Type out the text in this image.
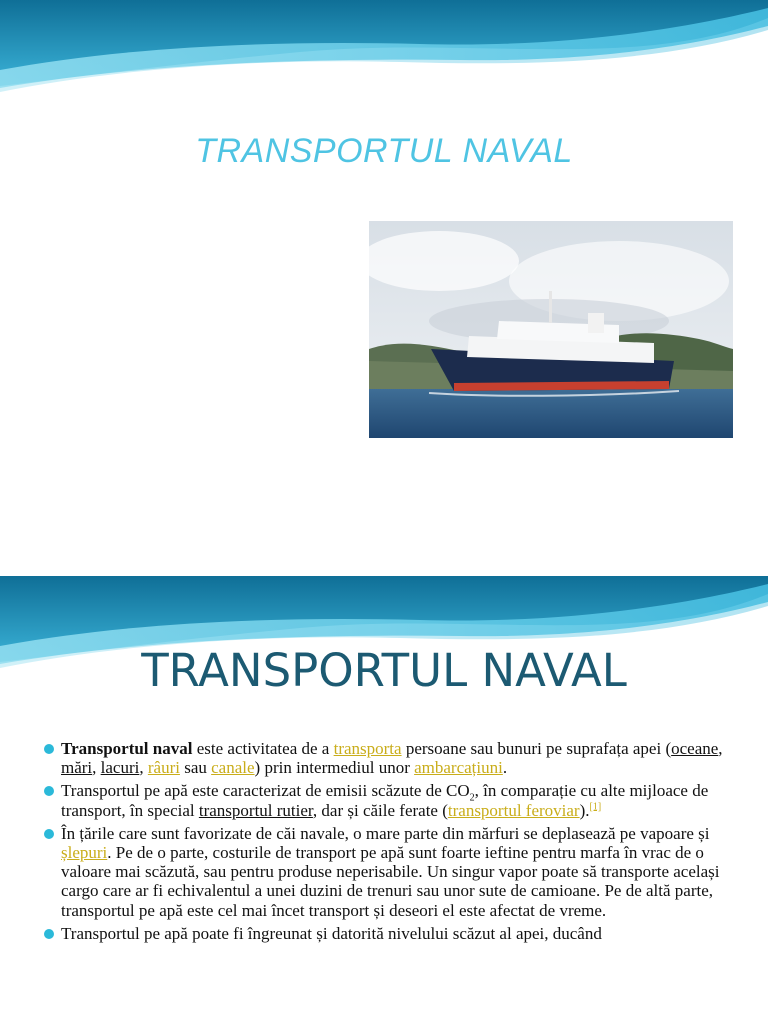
TRANSPORTUL NAVAL
TRANSPORTUL NAVAL
Transportul naval este activitatea de a transporta persoane sau bunuri pe suprafața apei (oceane, mări, lacuri, râuri sau canale) prin intermediul unor ambarcațiuni.
Transportul pe apă este caracterizat de emisii scăzute de $CO_2$, în comparație cu alte mijloace de transport, în special transportul rutier, dar și căile ferate (transportul feroviar).[1]
În țările care sunt favorizate de căi navale, o mare parte din mărfuri se deplasează pe vapoare și șlepuri. Pe de o parte, costurile de transport pe apă sunt foarte ieftine pentru marfa în vrac de o valoare mai scăzută, sau pentru produse neperisabile. Un singur vapor poate să transporte același cargo care ar fi echivalentul a unei duzini de trenuri sau unor sute de camioane. Pe de altă parte, transportul pe apă este cel mai încet transport și deseori el este afectat de vreme.
Transportul pe apă poate fi îngreunat și datorită nivelului scăzut al apei, ducând
